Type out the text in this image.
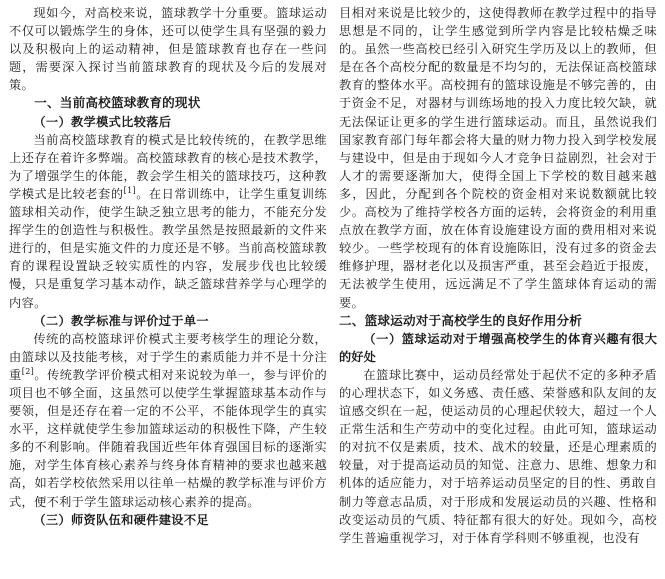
现如今，对高校来说，篮球教学十分重要。篮球运动不仅可以锻炼学生的身体，还可以使学生具有坚强的毅力以及积极向上的运动精神，但是篮球教育也存在一些问题，需要深入探讨当前篮球教育的现状及今后的发展对策。

一、当前高校篮球教育的现状
（一）教学模式比较落后

当前高校篮球教育的模式是比较传统的，在教学思维上还存在着许多弊端。高校篮球教育的核心是技术教学，为了增强学生的体能，教会学生相关的篮球技巧，这种教学模式是比较老套的[1]。在日常训练中，让学生重复训练篮球相关动作，使学生缺乏独立思考的能力，不能充分发挥学生的创造性与积极性。教学虽然是按照最新的文件来进行的，但是实施文件的力度还是不够。当前高校篮球教育的课程设置缺乏较实质性的内容，发展步伐也比较缓慢，只是重复学习基本动作，缺乏篮球营养学与心理学的内容。

（二）教学标准与评价过于单一

传统的高校篮球评价模式主要考核学生的理论分数，由篮球以及技能考核，对于学生的素质能力并不是十分注重[2]。传统教学评价模式相对来说较为单一，参与评价的项目也不够全面，这虽然可以使学生掌握篮球基本动作与要领，但是还存在着一定的不公平，不能体现学生的真实水平，这样就使学生参加篮球运动的积极性下降，产生较多的不利影响。伴随着我国近些年体育强国目标的逐渐实施，对学生体育核心素养与终身体育精神的要求也越来越高，如若学校依然采用以往单一枯燥的教学标准与评价方式，便不利于学生篮球运动核心素养的提高。

（三）师资队伍和硬件建设不足

目相对来说是比较少的，这使得教师在教学过程中的指导思想是不同的，让学生感觉到所学内容是比较枯燥乏味的。虽然一些高校已经引入研究生学历及以上的教师，但是在各个高校分配的数量是不均匀的，无法保证高校篮球教育的整体水平。高校拥有的篮球设施是不够完善的，由于资金不足，对器材与训练场地的投入力度比较欠缺，就无法保证让更多的学生进行篮球运动。而且，虽然说我们国家教育部门每年都会将大量的财力物力投入到学校发展与建设中，但是由于现如今人才竞争日益剧烈，社会对于人才的需要逐渐加大，使得全国上下学校的数目越来越多，因此，分配到各个院校的资金相对来说数额就比较少。高校为了维持学校各方面的运转，会将资金的利用重点放在教学方面，放在体育设施建设方面的费用相对来说较少。一些学校现有的体育设施陈旧，没有过多的资金去维修护理，器材老化以及损害严重，甚至会趋近于报废，无法被学生使用，远远满足不了学生篮球体育运动的需要。

二、篮球运动对于高校学生的良好作用分析
（一）篮球运动对于增强高校学生的体育兴趣有很大的好处

在篮球比赛中，运动员经常处于起伏不定的多种矛盾的心理状态下，如义务感、责任感、荣誉感和队友间的友谊感交织在一起，使运动员的心理起伏较大，超过一个人正常生活和生产劳动中的变化过程。由此可知，篮球运动的对抗不仅是素质，技术、战术的较量，还是心理素质的较量，对于提高运动员的知觉、注意力、思维、想象力和机体的适应能力，对于培养运动员坚定的目的性、勇敢自制力等意志品质，对于形成和发展运动员的兴趣、性格和改变运动员的气质、特征都有很大的好处。现如今，高校学生普遍重视学习，对于体育学科则不够重视，也没有
